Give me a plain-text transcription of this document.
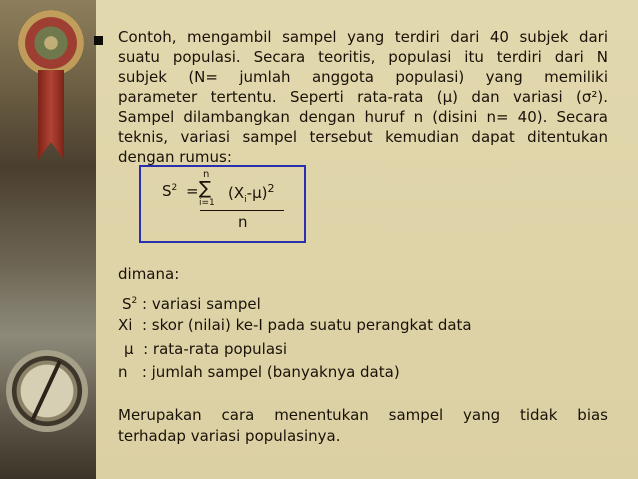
Contoh, mengambil sampel yang terdiri dari 40 subjek dari
suatu populasi. Secara teoritis, populasi itu terdiri dari N
subjek (N= jumlah anggota populasi) yang memiliki
parameter tertentu. Seperti rata-rata (µ) dan variasi (σ²).
Sampel dilambangkan dengan huruf n (disini n= 40). Secara
teknis, variasi sampel tersebut kemudian dapat ditentukan
dengan rumus:

$S^2$ =
n
∑
i=1
$(X_i-\mu)^2$
n

dimana:

$S^2$ : variasi sampel

Xi  : skor (nilai) ke-I pada suatu perangkat data

µ  : rata-rata populasi

n   : jumlah sampel (banyaknya data)

Merupakan cara menentukan sampel yang tidak bias
terhadap variasi populasinya.
